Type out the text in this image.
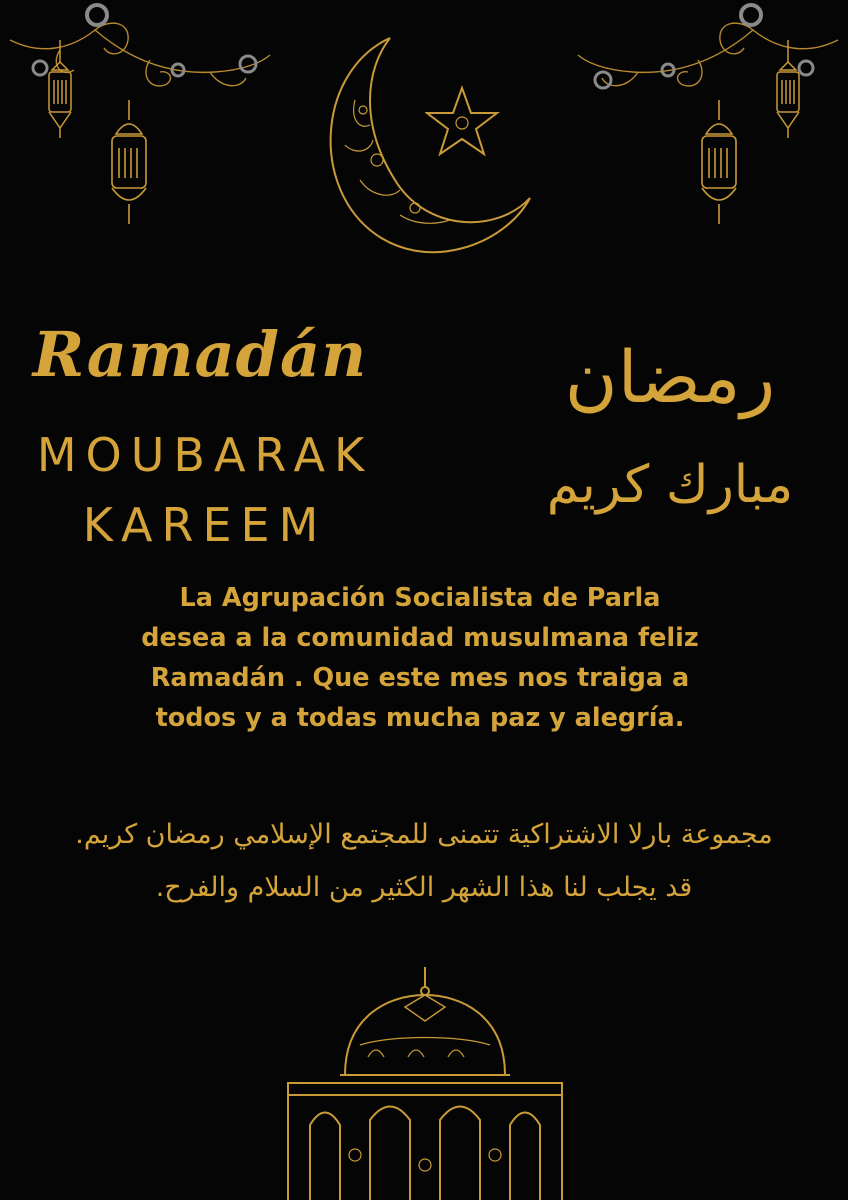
Ramadán
MOUBARAK
KAREEM
رمضان
مبارك كريم
La Agrupación Socialista de Parla desea a la comunidad musulmana feliz Ramadán . Que este mes nos traiga a todos y a todas mucha paz y alegría.
مجموعة بارلا الاشتراكية تتمنى للمجتمع الإسلامي رمضان كريم. قد يجلب لنا هذا الشهر الكثير من السلام والفرح.
